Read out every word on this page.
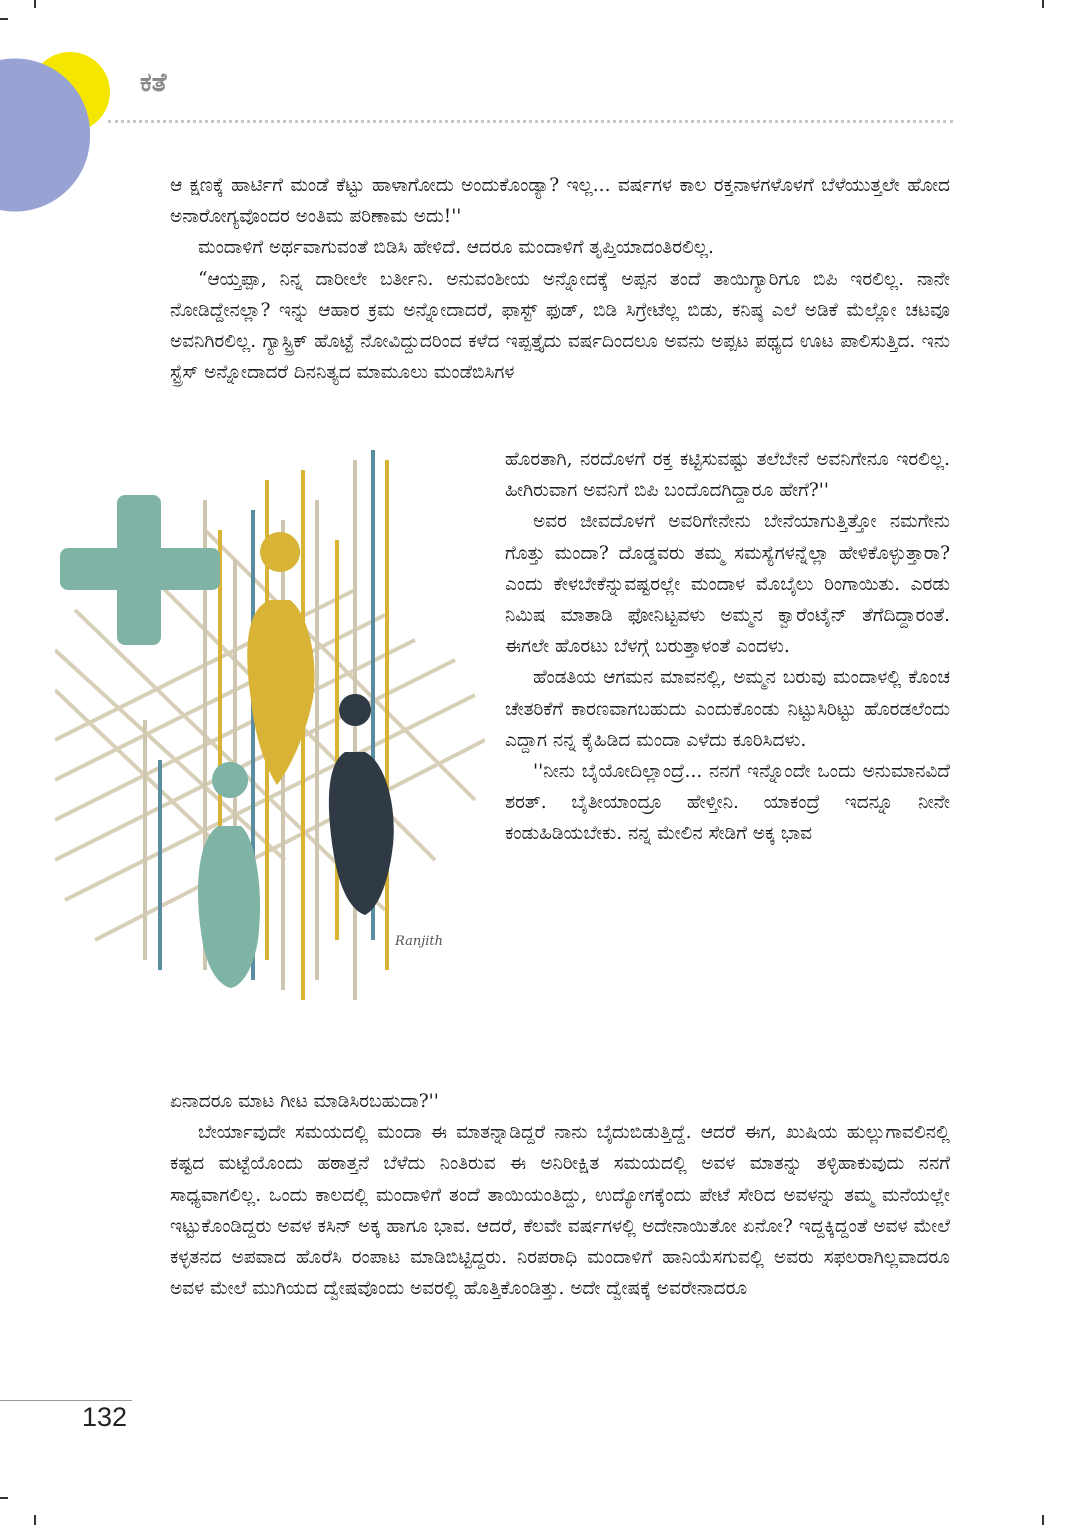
ಕತೆ

ಆ ಕ್ಷಣಕ್ಕೆ ಹಾರ್ಟಿಗೆ ಮಂಡೆ ಕೆಟ್ಟು ಹಾಳಾಗೋದು ಅಂದುಕೊಂಡ್ಯಾ? ಇಲ್ಲ... ವರ್ಷಗಳ ಕಾಲ ರಕ್ತನಾಳಗಳೊಳಗೆ ಬೆಳೆಯುತ್ತಲೇ ಹೋದ ಅನಾರೋಗ್ಯವೊಂದರ ಅಂತಿಮ ಪರಿಣಾಮ ಅದು!''

ಮಂದಾಳಿಗೆ ಅರ್ಥವಾಗುವಂತೆ ಬಿಡಿಸಿ ಹೇಳಿದೆ. ಆದರೂ ಮಂದಾಳಿಗೆ ತೃಪ್ತಿಯಾದಂತಿರಲಿಲ್ಲ.

“ಆಯ್ತಪ್ಪಾ, ನಿನ್ನ ದಾರೀಲೇ ಬರ್ತೀನಿ. ಅನುವಂಶೀಯ ಅನ್ನೋದಕ್ಕೆ ಅಪ್ಪನ ತಂದೆ ತಾಯಿಗ್ಯಾರಿಗೂ ಬಿಪಿ ಇರಲಿಲ್ಲ. ನಾನೇ ನೋಡಿದ್ದೇನಲ್ಲಾ? ಇನ್ನು ಆಹಾರ ಕ್ರಮ ಅನ್ನೋದಾದರೆ, ಫಾಸ್ಟ್ ಫುಡ್, ಬಿಡಿ ಸಿಗ್ರೇಟೆಲ್ಲ ಬಿಡು, ಕನಿಷ್ಠ ಎಲೆ ಅಡಿಕೆ ಮೆಲ್ಲೋ ಚಟವೂ ಅವನಿಗಿರಲಿಲ್ಲ. ಗ್ಯಾಸ್ಟ್ರಿಕ್ ಹೊಟ್ಟೆ ನೋವಿದ್ದುದರಿಂದ ಕಳೆದ ಇಪ್ಪತ್ತೈದು ವರ್ಷದಿಂದಲೂ ಅವನು ಅಪ್ಪಟ ಪಥ್ಯದ ಊಟ ಪಾಲಿಸುತ್ತಿದ. ಇನು ಸ್ಟ್ರೆಸ್ ಅನ್ನೋದಾದರೆ ದಿನನಿತ್ಯದ ಮಾಮೂಲು ಮಂಡೆಬಿಸಿಗಳ

Ranjith

ಹೊರತಾಗಿ, ನರದೊಳಗೆ ರಕ್ತ ಕಟ್ಟಿಸುವಷ್ಟು ತಲೆಬೇನೆ ಅವನಿಗೇನೂ ಇರಲಿಲ್ಲ. ಹೀಗಿರುವಾಗ ಅವನಿಗೆ ಬಿಪಿ ಬಂದೊದಗಿದ್ದಾರೂ ಹೇಗೆ?''

ಅವರ ಜೀವದೊಳಗೆ ಅವರಿಗೇನೇನು ಬೇನೆಯಾಗುತ್ತಿತ್ತೋ ನಮಗೇನು ಗೊತ್ತು ಮಂದಾ? ದೊಡ್ಡವರು ತಮ್ಮ ಸಮಸ್ಯೆಗಳನ್ನೆಲ್ಲಾ ಹೇಳಿಕೊಳ್ಳುತ್ತಾರಾ? ಎಂದು ಕೇಳಬೇಕೆನ್ನುವಷ್ಟರಲ್ಲೇ ಮಂದಾಳ ಮೊಬೈಲು ರಿಂಗಾಯಿತು. ಎರಡು ನಿಮಿಷ ಮಾತಾಡಿ ಫೋನಿಟ್ಟವಳು ಅಮ್ಮನ ಕ್ವಾರೆಂಟೈನ್ ತೆಗೆದಿದ್ದಾರಂತೆ. ಈಗಲೇ ಹೊರಟು ಬೆಳಗ್ಗೆ ಬರುತ್ತಾಳಂತೆ ಎಂದಳು.

ಹೆಂಡತಿಯ ಆಗಮನ ಮಾವನಲ್ಲಿ, ಅಮ್ಮನ ಬರುವು ಮಂದಾಳಲ್ಲಿ ಕೊಂಚ ಚೇತರಿಕೆಗೆ ಕಾರಣವಾಗಬಹುದು ಎಂದುಕೊಂಡು ನಿಟ್ಟುಸಿರಿಟ್ಟು ಹೊರಡಲೆಂದು ಎದ್ದಾಗ ನನ್ನ ಕೈಹಿಡಿದ ಮಂದಾ ಎಳೆದು ಕೂರಿಸಿದಳು.

''ನೀನು ಬೈಯೋದಿಲ್ಲಾಂದ್ರೆ... ನನಗೆ ಇನ್ನೊಂದೇ ಒಂದು ಅನುಮಾನವಿದೆ ಶರತ್. ಬೈತೀಯಾಂದ್ರೂ ಹೇಳ್ತೀನಿ. ಯಾಕಂದ್ರೆ ಇದನ್ನೂ ನೀನೇ ಕಂಡುಹಿಡಿಯಬೇಕು. ನನ್ನ ಮೇಲಿನ ಸೇಡಿಗೆ ಅಕ್ಕ ಭಾವ

ಏನಾದರೂ ಮಾಟ ಗೀಟ ಮಾಡಿಸಿರಬಹುದಾ?''

ಬೇರ್ಯಾವುದೇ ಸಮಯದಲ್ಲಿ ಮಂದಾ ಈ ಮಾತನ್ನಾಡಿದ್ದರೆ ನಾನು ಬೈದುಬಿಡುತ್ತಿದ್ದೆ. ಆದರೆ ಈಗ, ಖುಷಿಯ ಹುಲ್ಲುಗಾವಲಿನಲ್ಲಿ ಕಷ್ಟದ ಮಟ್ಟೆಯೊಂದು ಹಠಾತ್ತನೆ ಬೆಳೆದು ನಿಂತಿರುವ ಈ ಅನಿರೀಕ್ಷಿತ ಸಮಯದಲ್ಲಿ ಅವಳ ಮಾತನ್ನು ತಳ್ಳಿಹಾಕುವುದು ನನಗೆ ಸಾಧ್ಯವಾಗಲಿಲ್ಲ. ಒಂದು ಕಾಲದಲ್ಲಿ ಮಂದಾಳಿಗೆ ತಂದೆ ತಾಯಿಯಂತಿದ್ದು, ಉದ್ಯೋಗಕ್ಕೆಂದು ಪೇಟೆ ಸೇರಿದ ಅವಳನ್ನು ತಮ್ಮ ಮನೆಯಲ್ಲೇ ಇಟ್ಟುಕೊಂಡಿದ್ದರು ಅವಳ ಕಸಿನ್ ಅಕ್ಕ ಹಾಗೂ ಭಾವ. ಆದರೆ, ಕೆಲವೇ ವರ್ಷಗಳಲ್ಲಿ ಅದೇನಾಯಿತೋ ಏನೋ? ಇದ್ದಕ್ಕಿದ್ದಂತೆ ಅವಳ ಮೇಲೆ ಕಳ್ಳತನದ ಅಪವಾದ ಹೊರೆಸಿ ರಂಪಾಟ ಮಾಡಿಬಿಟ್ಟಿದ್ದರು. ನಿರಪರಾಧಿ ಮಂದಾಳಿಗೆ ಹಾನಿಯೆಸಗುವಲ್ಲಿ ಅವರು ಸಫಲರಾಗಿಲ್ಲವಾದರೂ ಅವಳ ಮೇಲೆ ಮುಗಿಯದ ದ್ವೇಷವೊಂದು ಅವರಲ್ಲಿ ಹೊತ್ತಿಕೊಂಡಿತ್ತು. ಅದೇ ದ್ವೇಷಕ್ಕೆ ಅವರೇನಾದರೂ

132
